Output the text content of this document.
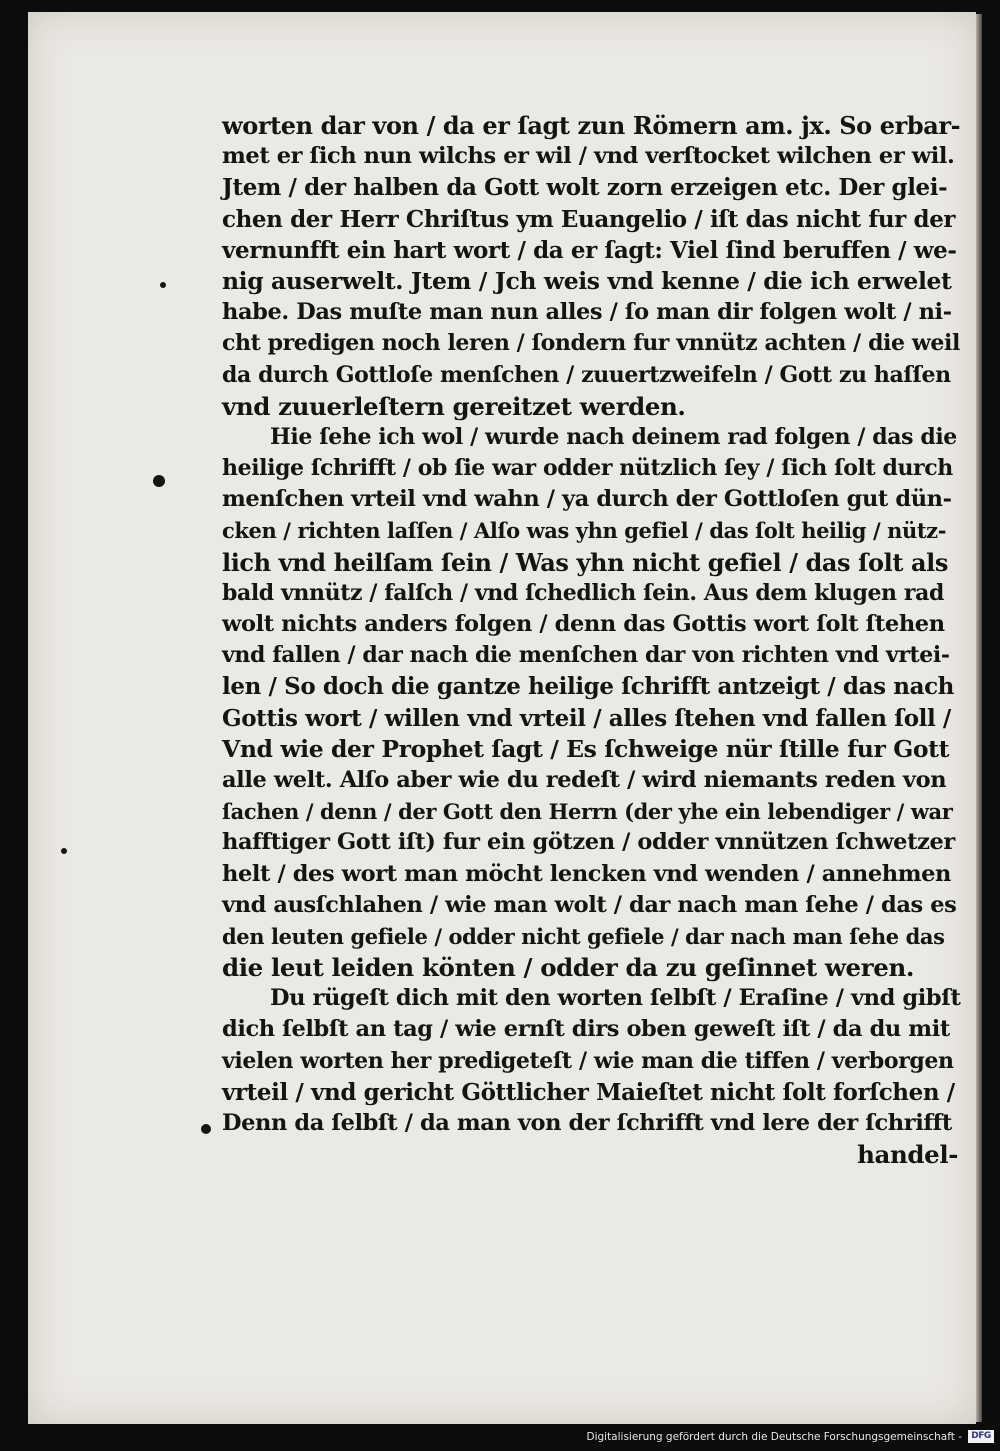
worten dar von / da er ſagt zun Römern am. jx. So erbar-
met er ſich nun wilchs er wil / vnd verſtocket wilchen er wil.
Jtem / der halben da Gott wolt zorn erzeigen etc. Der glei-
chen der Herr Chriſtus ym Euangelio / iſt das nicht fur der
vernunfft ein hart wort / da er ſagt: Viel ſind beruffen / we-
nig auserwelt. Jtem / Jch weis vnd kenne / die ich erwelet
habe. Das muſte man nun alles / ſo man dir folgen wolt / ni-
cht predigen noch leren / ſondern fur vnnütz achten / die weil
da durch Gottloſe menſchen / zuuertzweifeln / Gott zu haſſen
vnd zuuerleſtern gereitzet werden.
Hie ſehe ich wol / wurde nach deinem rad folgen / das die
heilige ſchrifft / ob ſie war odder nützlich ſey / ſich ſolt durch
menſchen vrteil vnd wahn / ya durch der Gottloſen gut dün-
cken / richten laſſen / Alſo was yhn gefiel / das ſolt heilig / nütz-
lich vnd heilſam ſein / Was yhn nicht gefiel / das ſolt als
bald vnnütz / falſch / vnd ſchedlich ſein. Aus dem klugen rad
wolt nichts anders folgen / denn das Gottis wort ſolt ſtehen
vnd fallen / dar nach die menſchen dar von richten vnd vrtei-
len / So doch die gantze heilige ſchrifft antzeigt / das nach
Gottis wort / willen vnd vrteil / alles ſtehen vnd fallen ſoll /
Vnd wie der Prophet ſagt / Es ſchweige nür ſtille fur Gott
alle welt. Alſo aber wie du redeſt / wird niemants reden von
ſachen / denn / der Gott den Herrn (der yhe ein lebendiger / war
hafftiger Gott iſt) fur ein götzen / odder vnnützen ſchwetzer
helt / des wort man möcht lencken vnd wenden / annehmen
vnd ausſchlahen / wie man wolt / dar nach man ſehe / das es
den leuten gefiele / odder nicht gefiele / dar nach man ſehe das
die leut leiden könten / odder da zu geſinnet weren.
Du rügeſt dich mit den worten ſelbſt / Eraſine / vnd gibſt
dich ſelbſt an tag / wie ernſt dirs oben geweſt iſt / da du mit
vielen worten her predigeteſt / wie man die tiffen / verborgen
vrteil / vnd gericht Göttlicher Maieſtet nicht ſolt forſchen /
Denn da ſelbſt / da man von der ſchrifft vnd lere der ſchrifft
handel-
Digitalisierung gefördert durch die Deutsche Forschungsgemeinschaft -	DFG
